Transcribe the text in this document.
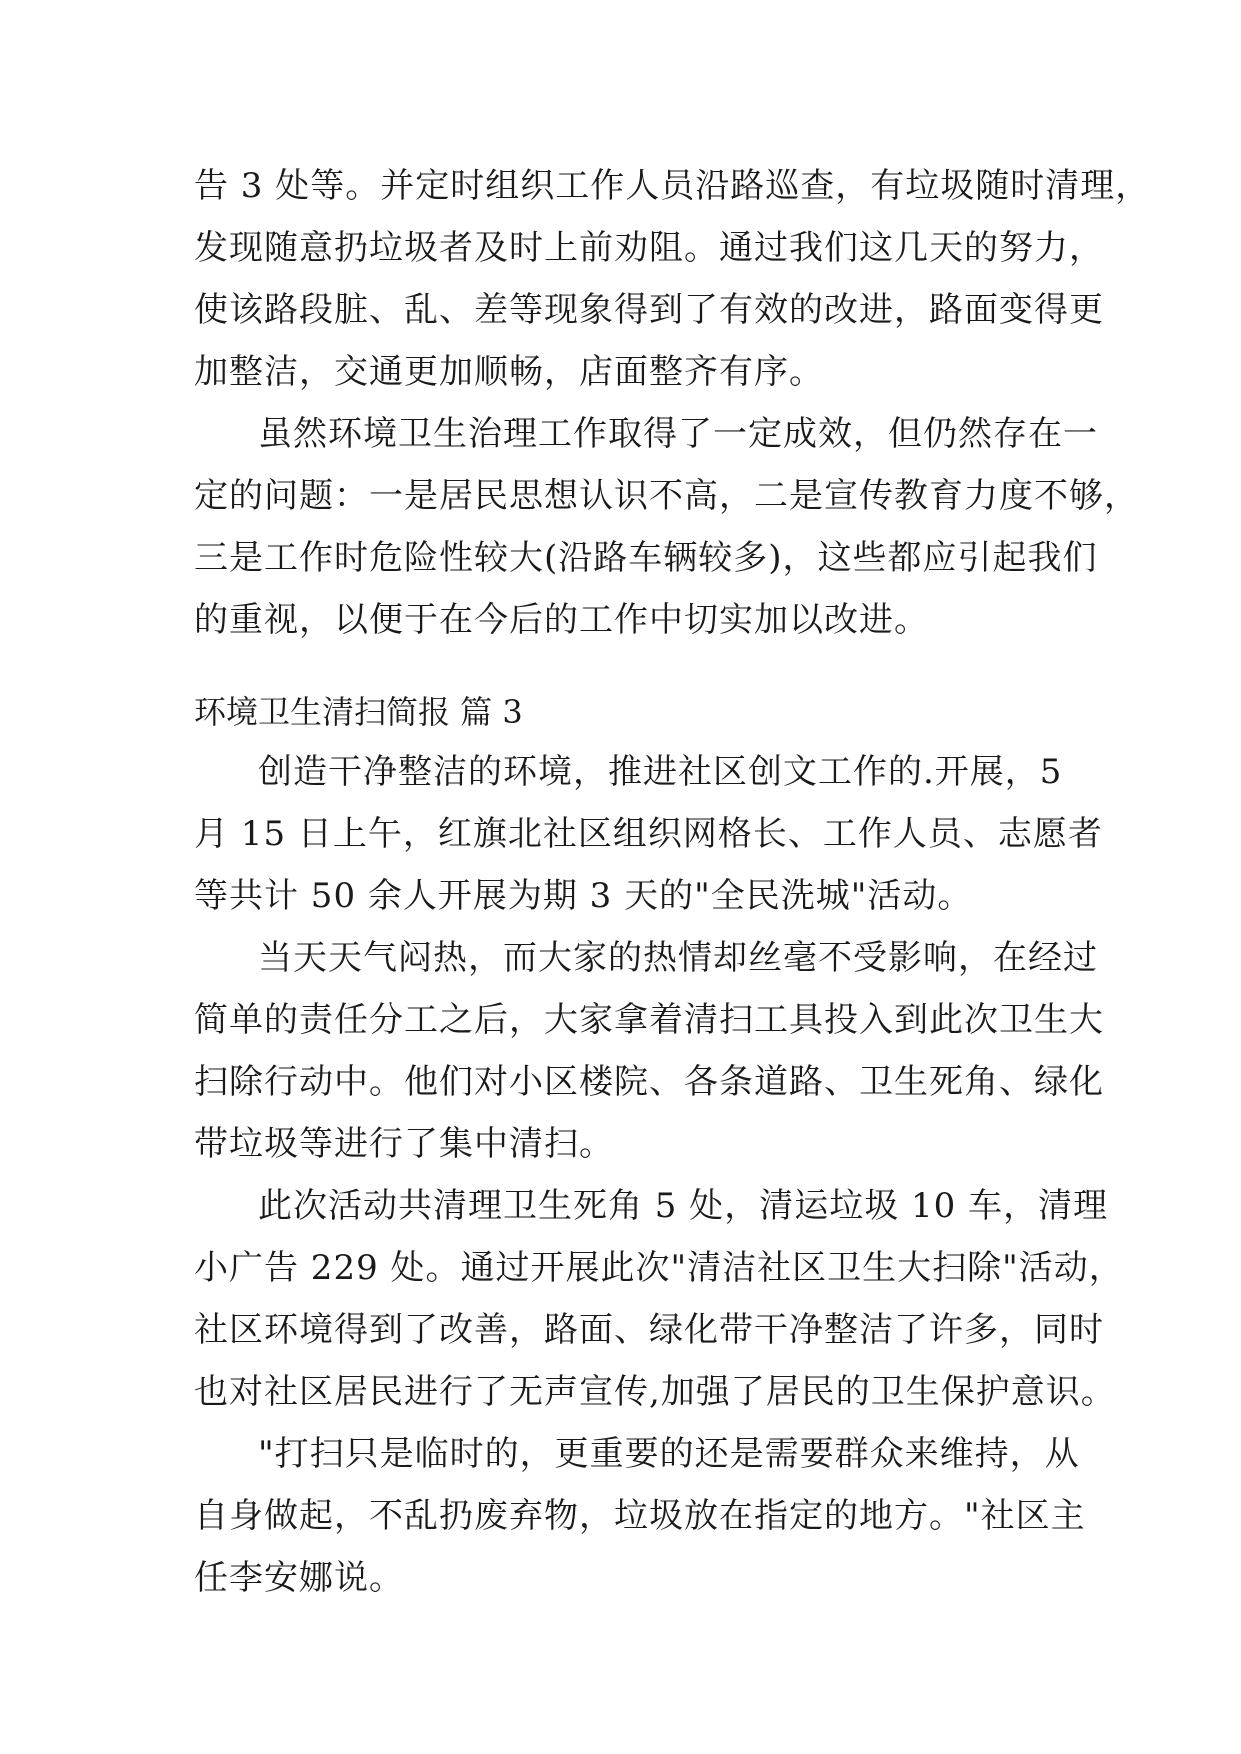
告 3 处等。并定时组织工作人员沿路巡查，有垃圾随时清理，
发现随意扔垃圾者及时上前劝阻。通过我们这几天的努力，
使该路段脏、乱、差等现象得到了有效的改进，路面变得更
加整洁，交通更加顺畅，店面整齐有序。
虽然环境卫生治理工作取得了一定成效，但仍然存在一
定的问题：一是居民思想认识不高，二是宣传教育力度不够，
三是工作时危险性较大(沿路车辆较多)，这些都应引起我们
的重视，以便于在今后的工作中切实加以改进。
环境卫生清扫简报 篇 3
创造干净整洁的环境，推进社区创文工作的.开展，5
月 15 日上午，红旗北社区组织网格长、工作人员、志愿者
等共计 50 余人开展为期 3 天的"全民洗城"活动。
当天天气闷热，而大家的热情却丝毫不受影响，在经过
简单的责任分工之后，大家拿着清扫工具投入到此次卫生大
扫除行动中。他们对小区楼院、各条道路、卫生死角、绿化
带垃圾等进行了集中清扫。
此次活动共清理卫生死角 5 处，清运垃圾 10 车，清理
小广告 229 处。通过开展此次"清洁社区卫生大扫除"活动，
社区环境得到了改善，路面、绿化带干净整洁了许多，同时
也对社区居民进行了无声宣传,加强了居民的卫生保护意识。
"打扫只是临时的，更重要的还是需要群众来维持，从
自身做起，不乱扔废弃物，垃圾放在指定的地方。"社区主
任李安娜说。
